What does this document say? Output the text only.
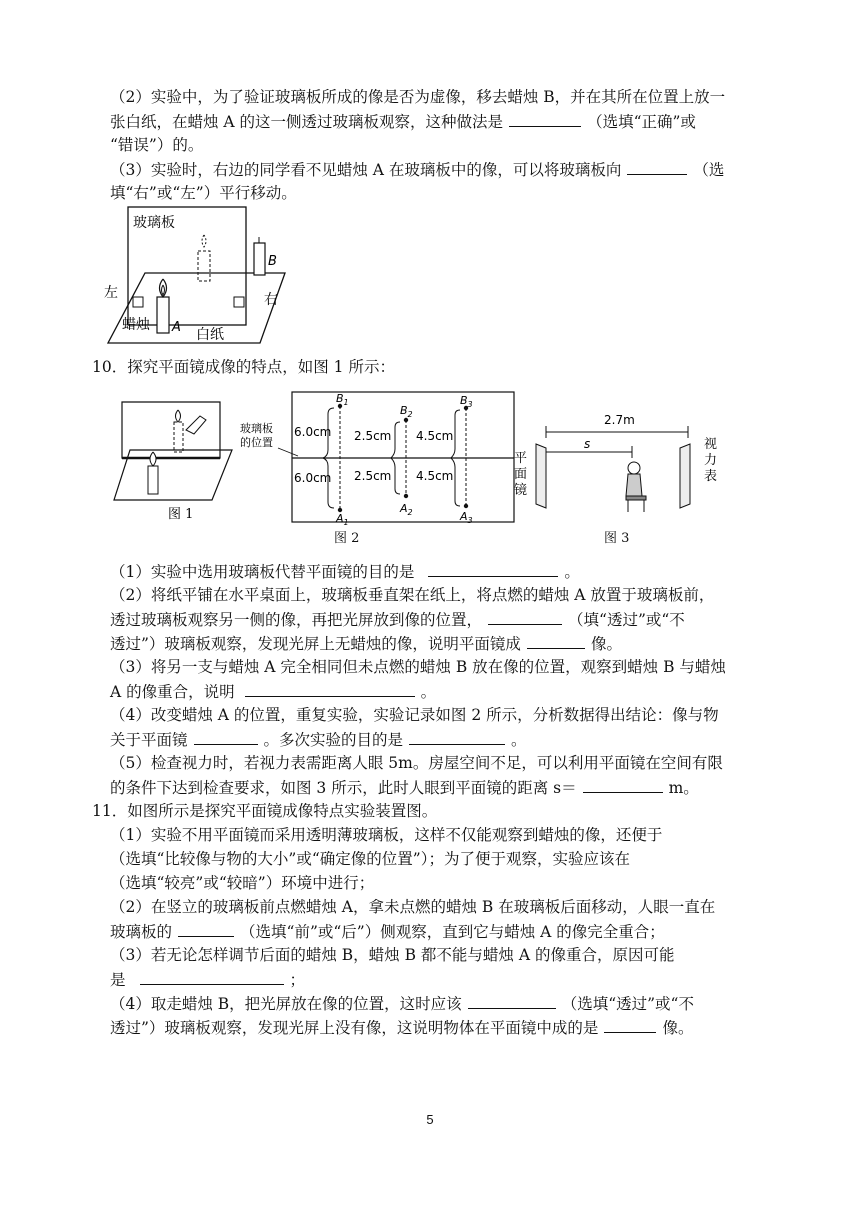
（2）实验中，为了验证玻璃板所成的像是否为虚像，移去蜡烛 B，并在其所在位置上放一
张白纸，在蜡烛 A 的这一侧透过玻璃板观察，这种做法是	（选填“正确”或
“错误”）的。
（3）实验时，右边的同学看不见蜡烛 A 在玻璃板中的像，可以将玻璃板向	（选
填“右”或“左”）平行移动。
玻璃板
B
左	右
蜡烛 A 白纸
10．探究平面镜成像的特点，如图 1 所示：
图 1
玻璃板
的位置
6.0cm
6.0cm
$B_1$
$A_1$
2.5cm
2.5cm
$B_2$
$A_2$
4.5cm
4.5cm
$B_3$
$A_3$
图 2
平
面
镜
2.7m
s	视
力
表
图 3
（1）实验中选用玻璃板代替平面镜的目的是	。
（2）将纸平铺在水平桌面上，玻璃板垂直架在纸上，将点燃的蜡烛 A 放置于玻璃板前，
透过玻璃板观察另一侧的像，再把光屏放到像的位置，	（填“透过”或“不
透过”）玻璃板观察，发现光屏上无蜡烛的像，说明平面镜成	像。
（3）将另一支与蜡烛 A 完全相同但未点燃的蜡烛 B 放在像的位置，观察到蜡烛 B 与蜡烛
A 的像重合，说明	。
（4）改变蜡烛 A 的位置，重复实验，实验记录如图 2 所示，分析数据得出结论：像与物
关于平面镜	。多次实验的目的是	。
（5）检查视力时，若视力表需距离人眼 5m。房屋空间不足，可以利用平面镜在空间有限
的条件下达到检查要求，如图 3 所示，此时人眼到平面镜的距离 s＝	m。
11．如图所示是探究平面镜成像特点实验装置图。
（1）实验不用平面镜而采用透明薄玻璃板，这样不仅能观察到蜡烛的像，还便于
（选填“比较像与物的大小”或“确定像的位置”）；为了便于观察，实验应该在
（选填“较亮”或“较暗”）环境中进行；
（2）在竖立的玻璃板前点燃蜡烛 A，拿未点燃的蜡烛 B 在玻璃板后面移动，人眼一直在
玻璃板的	（选填“前”或“后”）侧观察，直到它与蜡烛 A 的像完全重合；
（3）若无论怎样调节后面的蜡烛 B，蜡烛 B 都不能与蜡烛 A 的像重合，原因可能
是	；
（4）取走蜡烛 B，把光屏放在像的位置，这时应该	（选填“透过”或“不
透过”）玻璃板观察，发现光屏上没有像，这说明物体在平面镜中成的是	像。
5
